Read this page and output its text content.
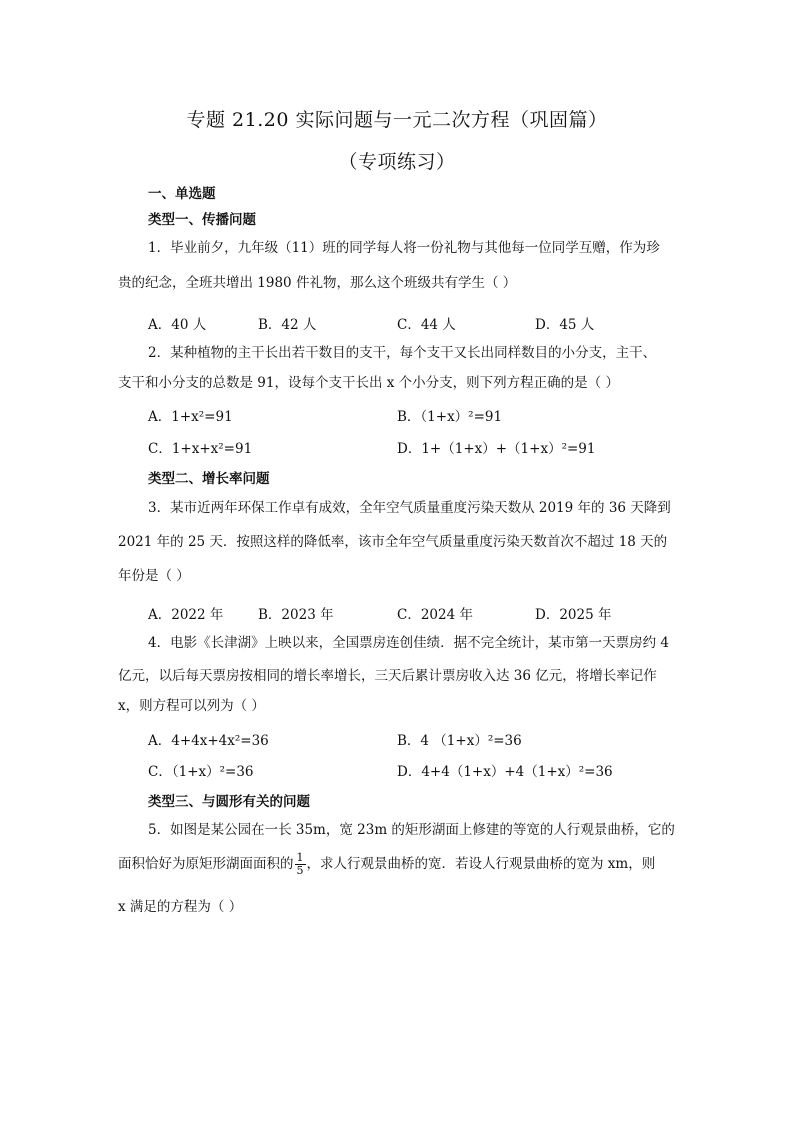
专题 21.20 实际问题与一元二次方程（巩固篇）
（专项练习）
一、单选题
类型一、传播问题
1．毕业前夕，九年级（11）班的同学每人将一份礼物与其他每一位同学互赠，作为珍
贵的纪念，全班共增出 1980 件礼物，那么这个班级共有学生（ ）
A．40 人	B．42 人	C．44 人	D．45 人
2．某种植物的主干长出若干数目的支干，每个支干又长出同样数目的小分支，主干、
支干和小分支的总数是 91，设每个支干长出 x 个小分支，则下列方程正确的是（ ）
A．1+x²=91	B．（1+x）²=91
C．1+x+x²=91	D．1+（1+x）+（1+x）²=91
类型二、增长率问题
3．某市近两年环保工作卓有成效，全年空气质量重度污染天数从 2019 年的 36 天降到
2021 年的 25 天．按照这样的降低率，该市全年空气质量重度污染天数首次不超过 18 天的
年份是（ ）
A．2022 年	B．2023 年	C．2024 年	D．2025 年
4．电影《长津湖》上映以来，全国票房连创佳绩．据不完全统计，某市第一天票房约 4
亿元，以后每天票房按相同的增长率增长，三天后累计票房收入达 36 亿元，将增长率记作
x，则方程可以列为（ ）
A．4+4x+4x²=36	B．4 （1+x）²=36
C．（1+x）²=36	D．4+4（1+x）+4（1+x）²=36
类型三、与圆形有关的问题
5．如图是某公园在一长 35m，宽 23m 的矩形湖面上修建的等宽的人行观景曲桥，它的
面积恰好为原矩形湖面面积的 $\frac{1}{5}$ ，求人行观景曲桥的宽．若设人行观景曲桥的宽为 xm，则
x 满足的方程为（ ）
